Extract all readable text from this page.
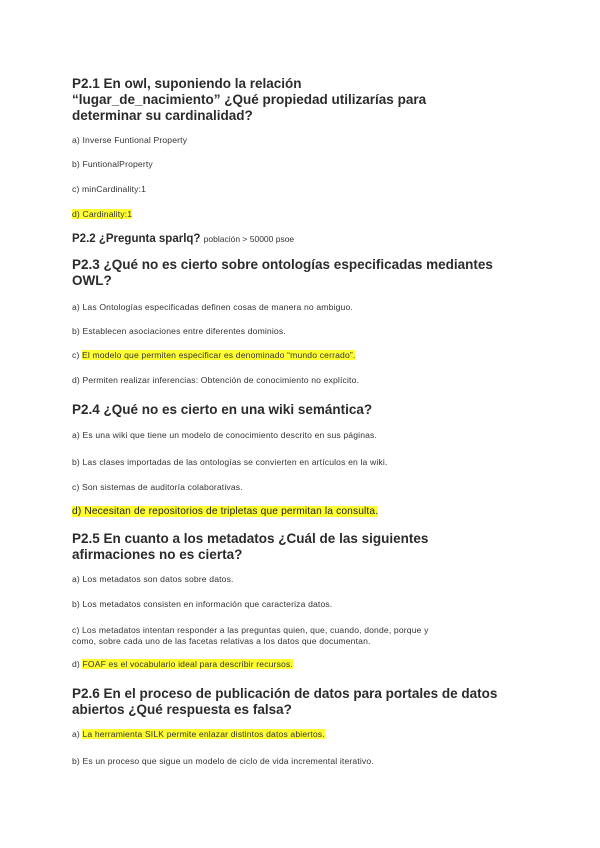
P2.1 En owl, suponiendo la relación
“lugar_de_nacimiento” ¿Qué propiedad utilizarías para
determinar su cardinalidad?
a) Inverse Funtional Property
b) FuntionalProperty
c) minCardinality:1
d) Cardinality:1
P2.2 ¿Pregunta sparlq? población > 50000 psoe
P2.3 ¿Qué no es cierto sobre ontologías especificadas mediantes
OWL?
a) Las Ontologías especificadas definen cosas de manera no ambiguo.
b) Establecen asociaciones entre diferentes dominios.
c) El modelo que permiten especificar es denominado “mundo cerrado”.
d) Permiten realizar inferencias: Obtención de conocimiento no explícito.
P2.4 ¿Qué no es cierto en una wiki semántica?
a) Es una wiki que tiene un modelo de conocimiento descrito en sus páginas.
b) Las clases importadas de las ontologías se convierten en artículos en la wiki.
c) Son sistemas de auditoría colaborativas.
d) Necesitan de repositorios de tripletas que permitan la consulta.
P2.5 En cuanto a los metadatos ¿Cuál de las siguientes
afirmaciones no es cierta?
a) Los metadatos son datos sobre datos.
b) Los metadatos consisten en información que caracteriza datos.
c) Los metadatos intentan responder a las preguntas quien, que, cuando, donde, porque y
como, sobre cada uno de las facetas relativas a los datos que documentan.
d) FOAF es el vocabulario ideal para describir recursos.
P2.6 En el proceso de publicación de datos para portales de datos
abiertos ¿Qué respuesta es falsa?
a) La herramienta SILK permite enlazar distintos datos abiertos.
b) Es un proceso que sigue un modelo de ciclo de vida incremental iterativo.
